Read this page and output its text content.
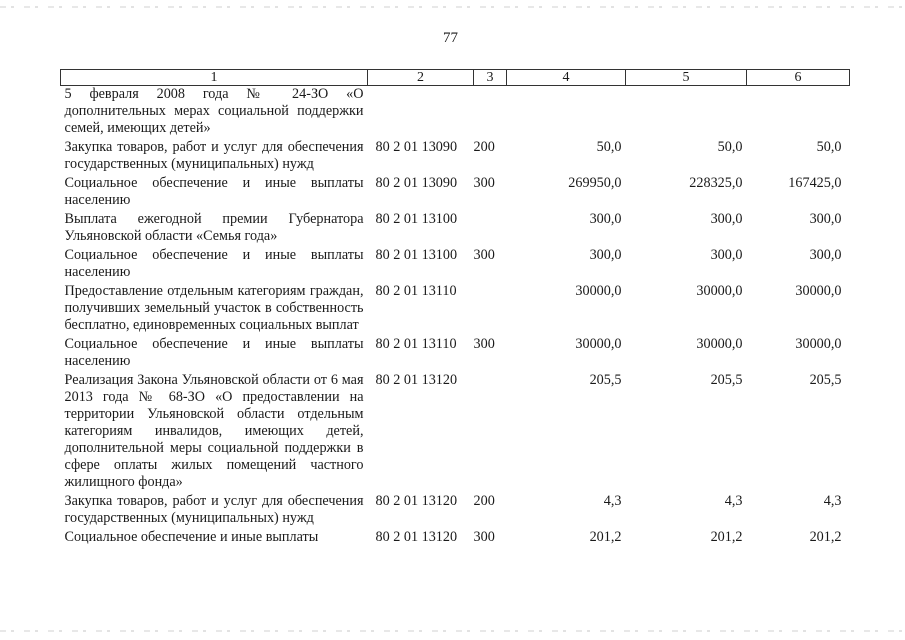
77
1	2	3	4	5	6
5 февраля 2008 года № 24-ЗО «О дополнительных мерах социальной поддержки семей, имеющих детей»					
Закупка товаров, работ и услуг для обеспечения государственных (муниципальных) нужд	80 2 01 13090	200	50,0	50,0	50,0
Социальное обеспечение и иные выплаты населению	80 2 01 13090	300	269950,0	228325,0	167425,0
Выплата ежегодной премии Губернатора Ульяновской области «Семья года»	80 2 01 13100		300,0	300,0	300,0
Социальное обеспечение и иные выплаты населению	80 2 01 13100	300	300,0	300,0	300,0
Предоставление отдельным категориям граждан, получивших земельный участок в собственность бесплатно, единовременных социальных выплат	80 2 01 13110		30000,0	30000,0	30000,0
Социальное обеспечение и иные выплаты населению	80 2 01 13110	300	30000,0	30000,0	30000,0
Реализация Закона Ульяновской области от 6 мая 2013 года № 68-ЗО «О предоставлении на территории Ульяновской области отдельным категориям инвалидов, имеющих детей, дополнительной меры социальной поддержки в сфере оплаты жилых помещений частного жилищного фонда»	80 2 01 13120		205,5	205,5	205,5
Закупка товаров, работ и услуг для обеспечения государственных (муниципальных) нужд	80 2 01 13120	200	4,3	4,3	4,3
Социальное обеспечение и иные выплаты	80 2 01 13120	300	201,2	201,2	201,2
